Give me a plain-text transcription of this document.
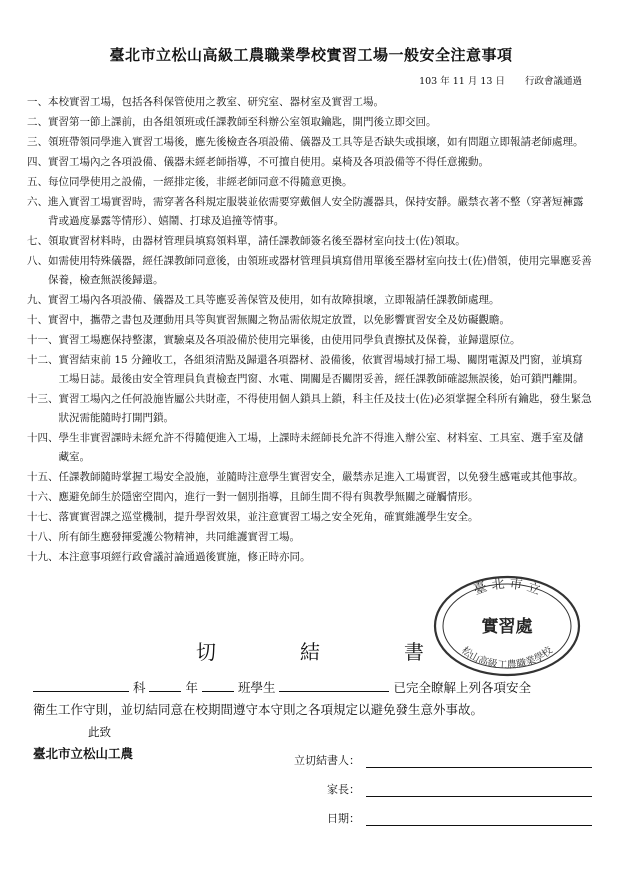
臺北市立松山高級工農職業學校實習工場一般安全注意事項
103 年 11 月 13 日 行政會議通過
一、 本校實習工場，包括各科保管使用之教室、研究室、器材室及實習工場。
二、 實習第一節上課前，由各組領班或任課教師至科辦公室領取鑰匙，開門後立即交回。
三、 領班帶領同學進入實習工場後，應先後檢查各項設備、儀器及工具等是否缺失或損壞，如有問題立即報請老師處理。
四、 實習工場內之各項設備、儀器未經老師指導，不可擅自使用。桌椅及各項設備等不得任意搬動。
五、 每位同學使用之設備，一經排定後，非經老師同意不得隨意更換。
六、 進入實習工場實習時，需穿著各科規定服裝並依需要穿戴個人安全防護器具，保持安靜。嚴禁衣著不整（穿著短褲露背或過度暴露等情形）、嬉鬧、打球及追撞等情事。
七、 領取實習材料時，由器材管理員填寫領料單，請任課教師簽名後至器材室向技士(佐)領取。
八、 如需使用特殊儀器，經任課教師同意後，由領班或器材管理員填寫借用單後至器材室向技士(佐)借領，使用完畢應妥善保養，檢查無誤後歸還。
九、 實習工場內各項設備、儀器及工具等應妥善保管及使用，如有故障損壞，立即報請任課教師處理。
十、 實習中，攜帶之書包及運動用具等與實習無關之物品需依規定放置，以免影響實習安全及妨礙觀瞻。
十一、 實習工場應保持整潔，實驗桌及各項設備於使用完畢後，由使用同學負責擦拭及保養，並歸還原位。
十二、 實習結束前 15 分鐘收工，各組須清點及歸還各項器材、設備後，依實習場域打掃工場、關閉電源及門窗，並填寫工場日誌。最後由安全管理員負責檢查門窗、水電、開關是否關閉妥善，經任課教師確認無誤後，始可鎖門離開。
十三、 實習工場內之任何設施皆屬公共財產，不得使用個人鎖具上鎖，科主任及技士(佐)必須掌握全科所有鑰匙，發生緊急狀況需能隨時打開門鎖。
十四、 學生非實習課時未經允許不得隨便進入工場，上課時未經師長允許不得進入辦公室、材料室、工具室、選手室及儲藏室。
十五、 任課教師隨時掌握工場安全設施，並隨時注意學生實習安全，嚴禁赤足進入工場實習，以免發生感電或其他事故。
十六、 應避免師生於隱密空間內，進行一對一個別指導，且師生間不得有與教學無關之碰觸情形。
十七、 落實實習課之巡堂機制，提升學習效果，並注意實習工場之安全死角，確實維護學生安全。
十八、 所有師生應發揮愛護公物精神，共同維護實習工場。
十九、 本注意事項經行政會議討論通過後實施，修正時亦同。
臺 北 市 立
松山高級工農職業學校
實習處
切	結	書
科	年	班學生	已完全瞭解上列各項安全
衛生工作守則，並切結同意在校期間遵守本守則之各項規定以避免發生意外事故。
此致
臺北市立松山工農	立切結書人：
家長：
日期：
